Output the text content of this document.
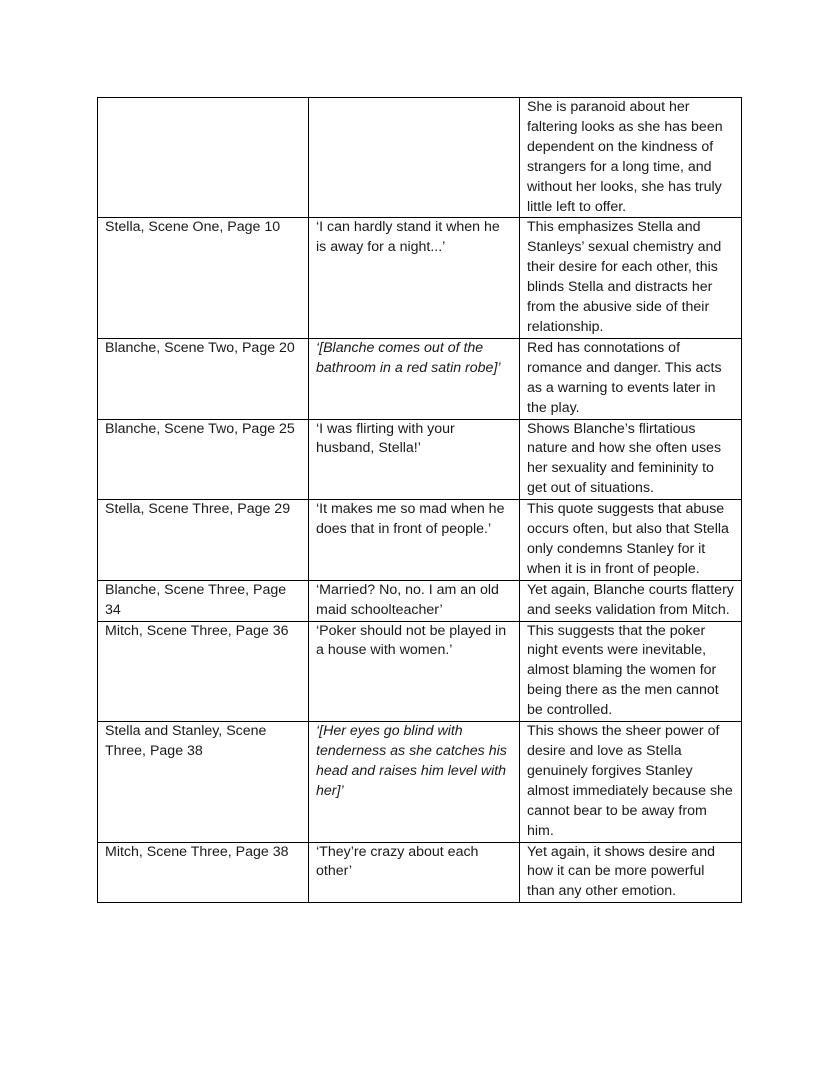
		She is paranoid about her faltering looks as she has been dependent on the kindness of strangers for a long time, and without her looks, she has truly little left to offer.
Stella, Scene One, Page 10	‘I can hardly stand it when he is away for a night...’	This emphasizes Stella and Stanleys’ sexual chemistry and their desire for each other, this blinds Stella and distracts her from the abusive side of their relationship.
Blanche, Scene Two, Page 20	‘[Blanche comes out of the bathroom in a red satin robe]’	Red has connotations of romance and danger. This acts as a warning to events later in the play.
Blanche, Scene Two, Page 25	‘I was flirting with your husband, Stella!’	Shows Blanche’s flirtatious nature and how she often uses her sexuality and femininity to get out of situations.
Stella, Scene Three, Page 29	‘It makes me so mad when he does that in front of people.’	This quote suggests that abuse occurs often, but also that Stella only condemns Stanley for it when it is in front of people.
Blanche, Scene Three, Page 34	‘Married? No, no. I am an old maid schoolteacher’	Yet again, Blanche courts flattery and seeks validation from Mitch.
Mitch, Scene Three, Page 36	‘Poker should not be played in a house with women.’	This suggests that the poker night events were inevitable, almost blaming the women for being there as the men cannot be controlled.
Stella and Stanley, Scene Three, Page 38	‘[Her eyes go blind with tenderness as she catches his head and raises him level with her]’	This shows the sheer power of desire and love as Stella genuinely forgives Stanley almost immediately because she cannot bear to be away from him.
Mitch, Scene Three, Page 38	‘They’re crazy about each other’	Yet again, it shows desire and how it can be more powerful than any other emotion.
